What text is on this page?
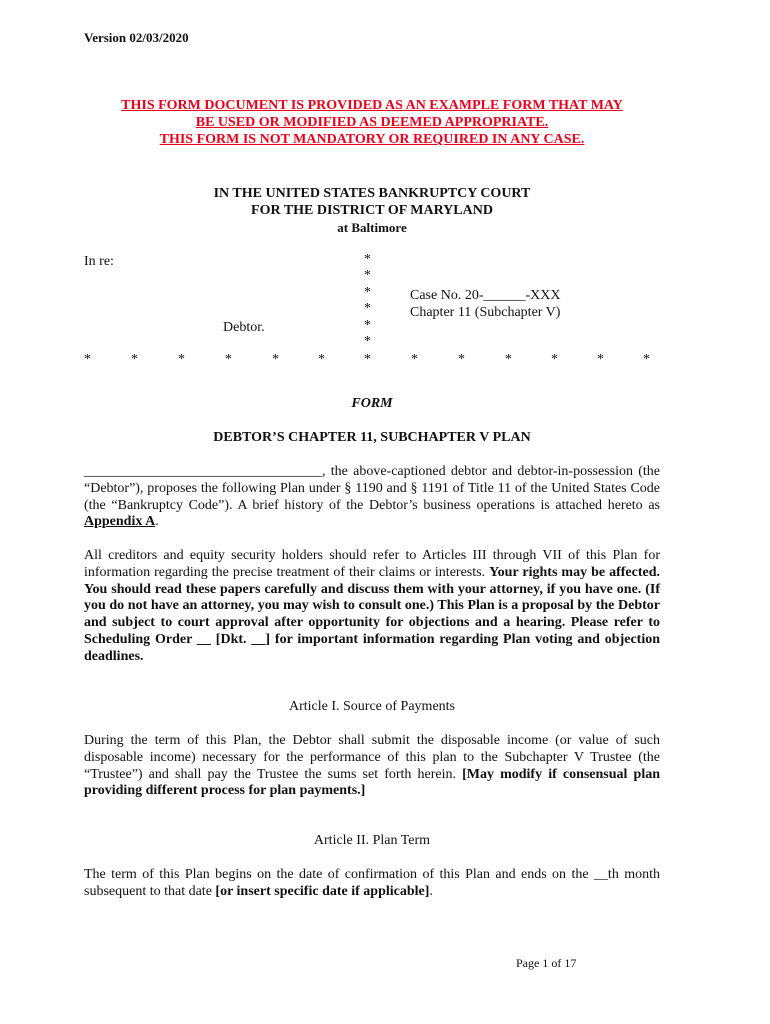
Version 02/03/2020
THIS FORM DOCUMENT IS PROVIDED AS AN EXAMPLE FORM THAT MAY
BE USED OR MODIFIED AS DEEMED APPROPRIATE.
THIS FORM IS NOT MANDATORY OR REQUIRED IN ANY CASE.
IN THE UNITED STATES BANKRUPTCY COURT
FOR THE DISTRICT OF MARYLAND
at Baltimore
In re:
Debtor.
*
*
*
*
*
*
Case No. 20-______-XXX
Chapter 11 (Subchapter V)
*	*	*	*	*	*	*	*	*	*	*	*	*
FORM
DEBTOR’S CHAPTER 11, SUBCHAPTER V PLAN
__________________________________, the above-captioned debtor and debtor-in-possession (the “Debtor”), proposes the following Plan under § 1190 and § 1191 of Title 11 of the United States Code (the “Bankruptcy Code”). A brief history of the Debtor’s business operations is attached hereto as Appendix A.
All creditors and equity security holders should refer to Articles III through VII of this Plan for information regarding the precise treatment of their claims or interests. Your rights may be affected. You should read these papers carefully and discuss them with your attorney, if you have one. (If you do not have an attorney, you may wish to consult one.) This Plan is a proposal by the Debtor and subject to court approval after opportunity for objections and a hearing. Please refer to Scheduling Order __ [Dkt. __] for important information regarding Plan voting and objection deadlines.
Article I. Source of Payments
During the term of this Plan, the Debtor shall submit the disposable income (or value of such disposable income) necessary for the performance of this plan to the Subchapter V Trustee (the “Trustee”) and shall pay the Trustee the sums set forth herein. [May modify if consensual plan providing different process for plan payments.]
Article II. Plan Term
The term of this Plan begins on the date of confirmation of this Plan and ends on the __th month subsequent to that date [or insert specific date if applicable].
Page 1 of 17
